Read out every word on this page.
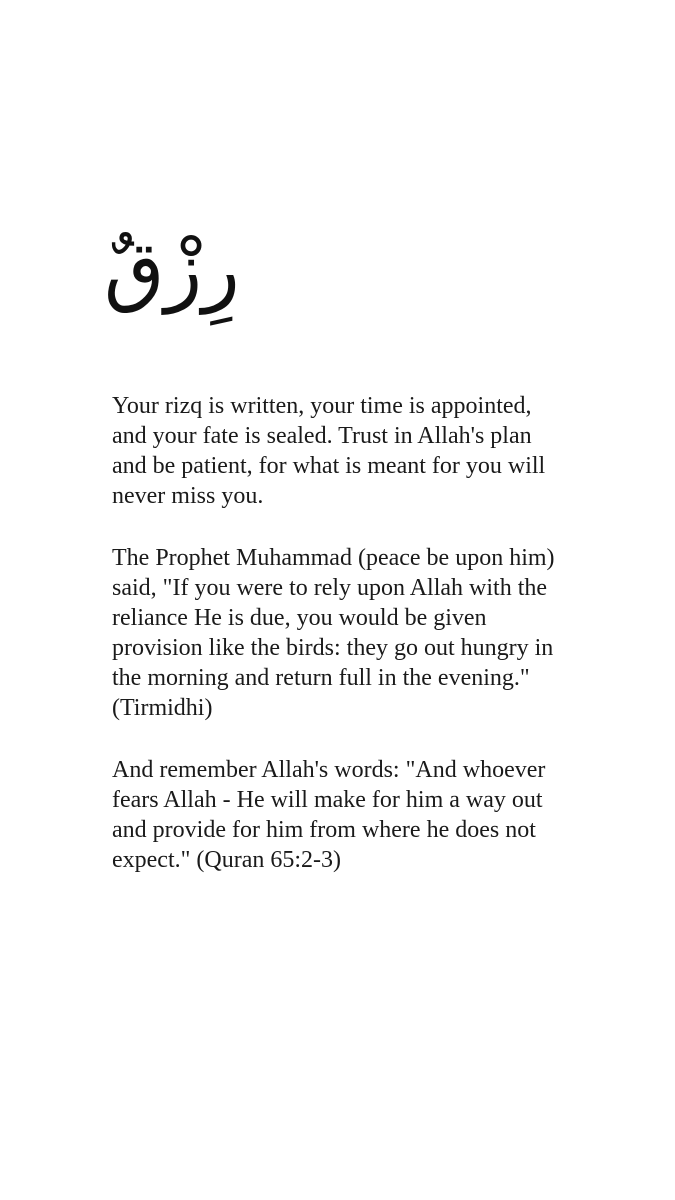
رِزْقٌ

Your rizq is written, your time is appointed,
and your fate is sealed. Trust in Allah's plan
and be patient, for what is meant for you will
never miss you.

The Prophet Muhammad (peace be upon him)
said, "If you were to rely upon Allah with the
reliance He is due, you would be given
provision like the birds: they go out hungry in
the morning and return full in the evening."
(Tirmidhi)

And remember Allah's words: "And whoever
fears Allah - He will make for him a way out
and provide for him from where he does not
expect." (Quran 65:2-3)
